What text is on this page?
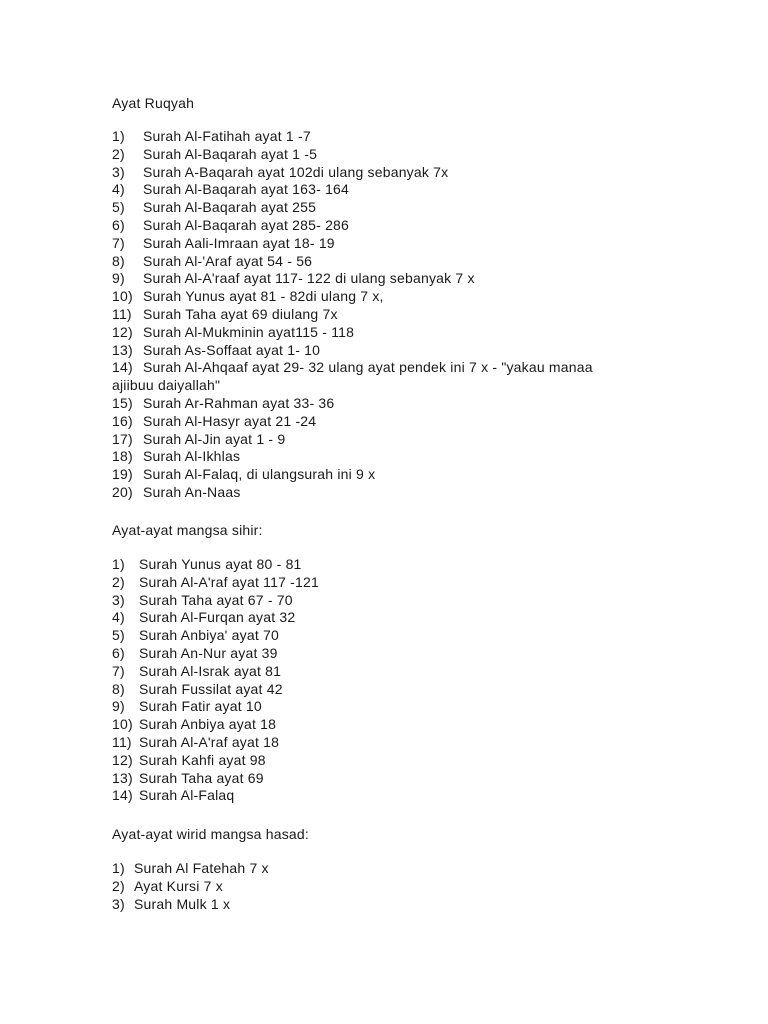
Ayat Ruqyah
1) Surah Al-Fatihah ayat 1 -7
2) Surah Al-Baqarah ayat 1 -5
3) Surah A-Baqarah ayat 102di ulang sebanyak 7x
4) Surah Al-Baqarah ayat 163- 164
5) Surah Al-Baqarah ayat 255
6) Surah Al-Baqarah ayat 285- 286
7) Surah Aali-Imraan ayat 18- 19
8) Surah Al-'Araf ayat 54 - 56
9) Surah Al-A'raaf ayat 117- 122 di ulang sebanyak 7 x
10) Surah Yunus ayat 81 - 82di ulang 7 x,
11) Surah Taha ayat 69 diulang 7x
12) Surah Al-Mukminin ayat115 - 118
13) Surah As-Soffaat ayat 1- 10
14) Surah Al-Ahqaaf ayat 29- 32 ulang ayat pendek ini 7 x - "yakau manaa ajiibuu daiyallah"
15) Surah Ar-Rahman ayat 33- 36
16) Surah Al-Hasyr ayat 21 -24
17) Surah Al-Jin ayat 1 - 9
18) Surah Al-Ikhlas
19) Surah Al-Falaq, di ulangsurah ini 9 x
20) Surah An-Naas
Ayat-ayat mangsa sihir:
1) Surah Yunus ayat 80 - 81
2) Surah Al-A'raf ayat 117 -121
3) Surah Taha ayat 67 - 70
4) Surah Al-Furqan ayat 32
5) Surah Anbiya' ayat 70
6) Surah An-Nur ayat 39
7) Surah Al-Israk ayat 81
8) Surah Fussilat ayat 42
9) Surah Fatir ayat 10
10) Surah Anbiya ayat 18
11) Surah Al-A'raf ayat 18
12) Surah Kahfi ayat 98
13) Surah Taha ayat 69
14) Surah Al-Falaq
Ayat-ayat wirid mangsa hasad:
1) Surah Al Fatehah 7 x
2) Ayat Kursi 7 x
3) Surah Mulk 1 x
